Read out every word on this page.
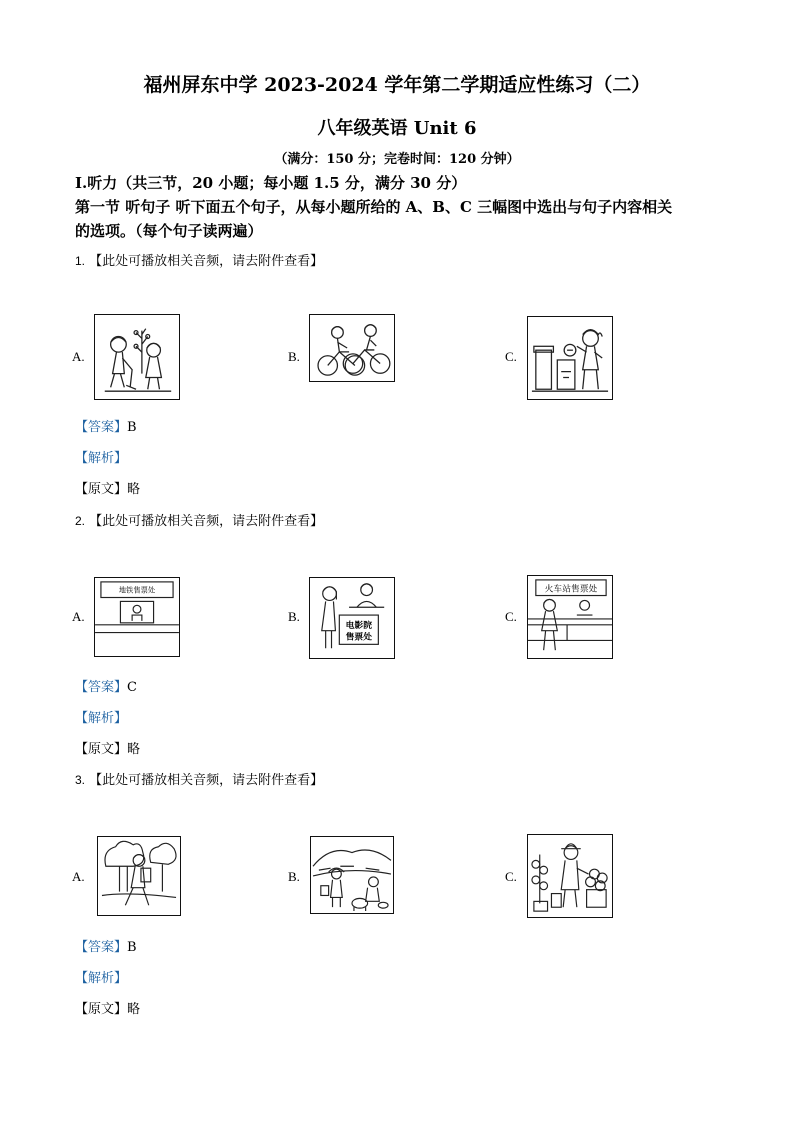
福州屏东中学 2023-2024 学年第二学期适应性练习（二）
八年级英语 Unit 6
（满分：150 分；完卷时间：120 分钟）
Ⅰ.听力（共三节，20 小题；每小题 1.5 分，满分 30 分）
第一节 听句子 听下面五个句子，从每小题所给的 A、B、C 三幅图中选出与句子内容相关
的选项。（每个句子读两遍）
1. 【此处可播放相关音频，请去附件查看】
A.	B.	C.
【答案】B
【解析】
【原文】略
2. 【此处可播放相关音频，请去附件查看】
A.
地铁售票处
B.
电影院
售票处
C.
火车站售票处
【答案】C
【解析】
【原文】略
3. 【此处可播放相关音频，请去附件查看】
A.	B.	C.
【答案】B
【解析】
【原文】略
